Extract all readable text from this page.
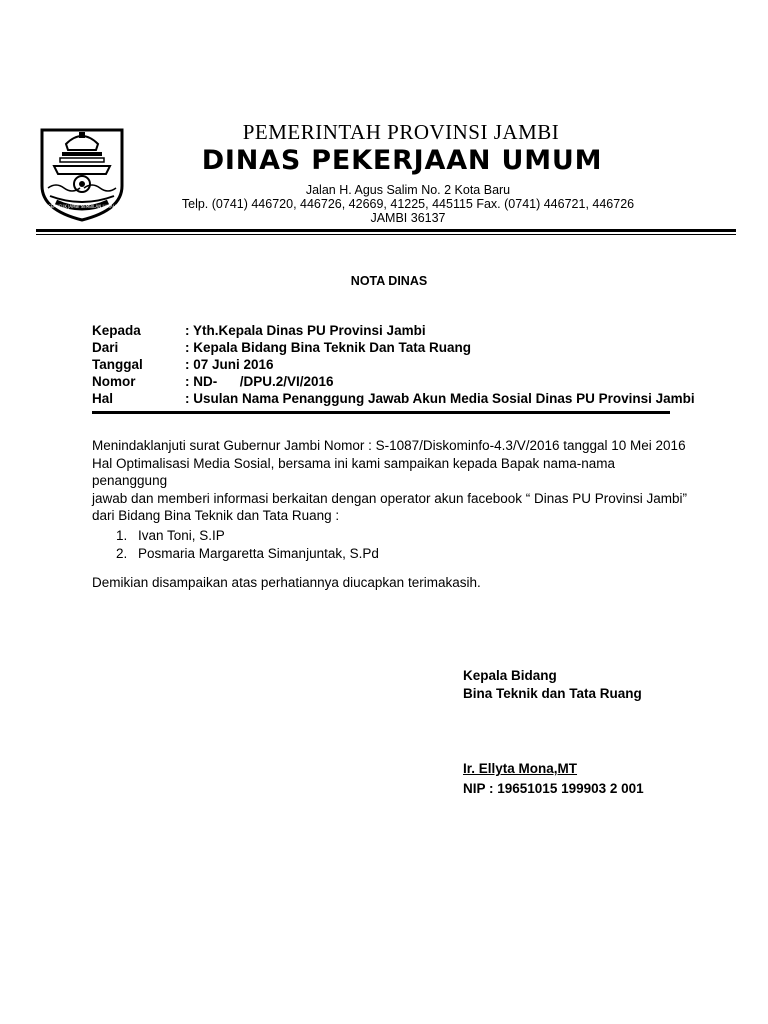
SEPUCUK JAMBI SEMBILAN LURAH
PEMERINTAH PROVINSI JAMBI
DINAS PEKERJAAN UMUM
Jalan H. Agus Salim No. 2 Kota Baru
Telp. (0741) 446720, 446726, 42669, 41225, 445115 Fax. (0741) 446721, 446726
JAMBI 36137
NOTA DINAS
Kepada	: Yth.Kepala Dinas PU Provinsi Jambi
Dari	: Kepala Bidang Bina Teknik Dan Tata Ruang
Tanggal	: 07 Juni 2016
Nomor	: ND-      /DPU.2/VI/2016
Hal	: Usulan Nama Penanggung Jawab Akun Media Sosial Dinas PU Provinsi Jambi
Menindaklanjuti surat Gubernur Jambi Nomor : S-1087/Diskominfo-4.3/V/2016 tanggal 10 Mei 2016
Hal Optimalisasi Media Sosial, bersama ini kami sampaikan kepada Bapak nama-nama penanggung
jawab dan memberi informasi berkaitan dengan operator akun facebook “ Dinas PU Provinsi Jambi”
dari Bidang Bina Teknik dan Tata Ruang :
1. Ivan Toni, S.IP
2. Posmaria Margaretta Simanjuntak, S.Pd
Demikian disampaikan atas perhatiannya diucapkan terimakasih.
Kepala Bidang
Bina Teknik dan Tata Ruang
Ir. Ellyta Mona,MT
NIP : 19651015 199903 2 001
